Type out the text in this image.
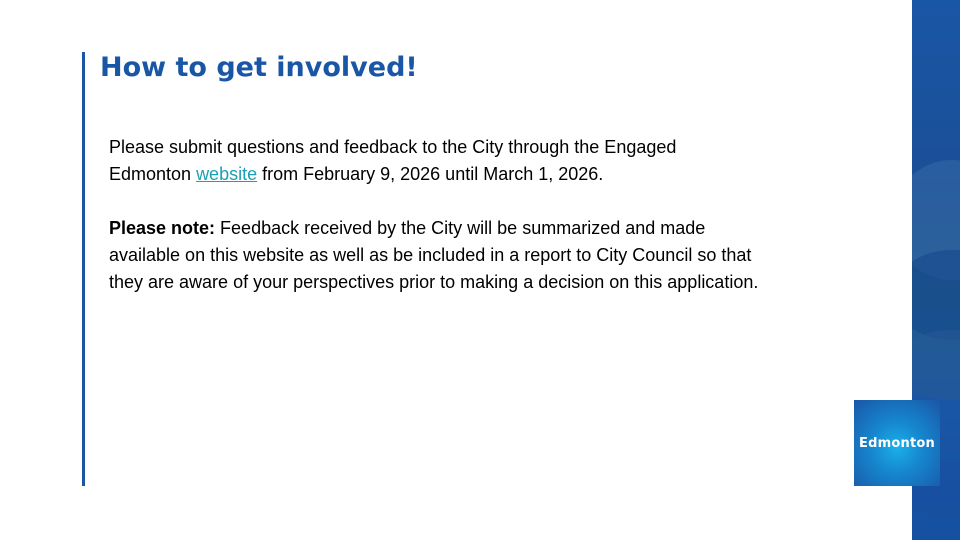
How to get involved!

Please submit questions and feedback to the City through the Engaged Edmonton website from February 9, 2026 until March 1, 2026.

Please note: Feedback received by the City will be summarized and made available on this website as well as be included in a report to City Council so that they are aware of your perspectives prior to making a decision on this application.

Edmonton
